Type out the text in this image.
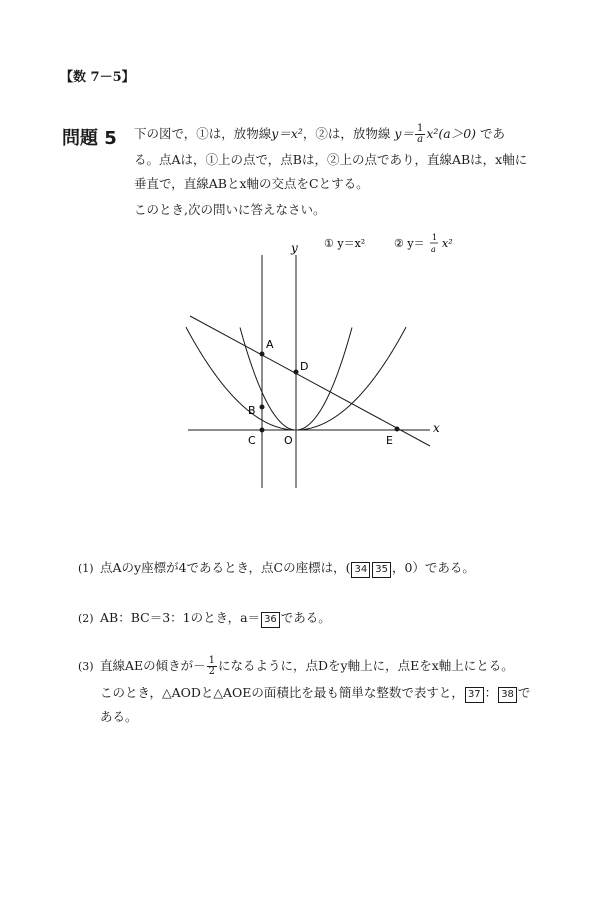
【数 7－5】
問題 5 下の図で，①は，放物線y＝x²，②は，放物線 $y= \frac{1}{a} x^2(a>0)$ であ
る。点Aは，①上の点で，点Bは，②上の点であり，直線ABは，x軸に
垂直で，直線ABとx軸の交点をCとする。
このとき,次の問いに答えなさい。
y
x
A
B
C	O
D
E
① y＝x²	② y＝ 1
a x²
(1) 点Aのy座標が4であるとき，点Cの座標は，( 34 35 ，0）である。
(2) AB：BC＝3：1のとき，a＝ 36 である。
(3) 直線AEの傾きが－ $\frac{1}{2}$ になるように，点Dをy軸上に，点Eをx軸上にとる。
このとき，△AODと△AOEの面積比を最も簡単な整数で表すと， 37 ： 38 で
ある。
